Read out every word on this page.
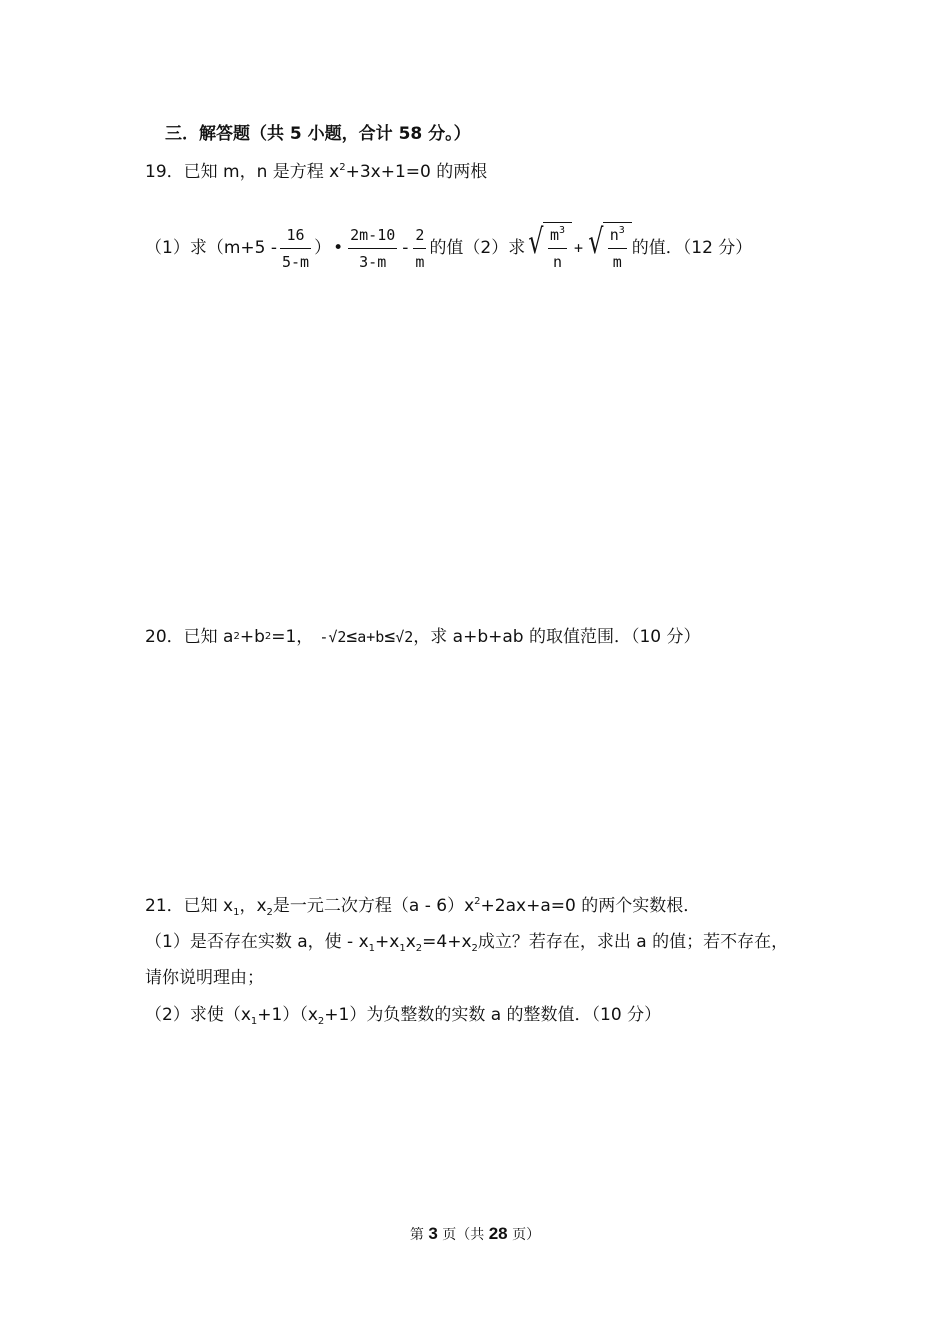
三．解答题（共 5 小题，合计 58 分。）
19．已知 m，n 是方程 $x^2+3x+1=0$ 的两根
（1）求（$m+5 - \frac{16}{5-m}$ ） • $\frac{2m-10}{3-m} - \frac{2}{m}$ 的值（2）求 √ $\frac{m^3}{n}$ + √ $\frac{n^3}{m}$ 的值．（12 分）
20．已知 a 2 +b 2 =1， -√2 ≤ a+b ≤ √2 ，求 a+b+ab 的取值范围．（10 分）
21．已知 $x_1$，$x_2$是一元二次方程$(a - 6)x^2+2ax+a=0$ 的两个实数根．
（1）是否存在实数 a，使 - $x_1+x_1x_2=4+x_2$成立？若存在，求出 a 的值；若不存在，
请你说明理由；
（2）求使$(x_1+1)(x_2+1)$为负整数的实数 a 的整数值．（10 分）
第 3 页（共 28 页）
